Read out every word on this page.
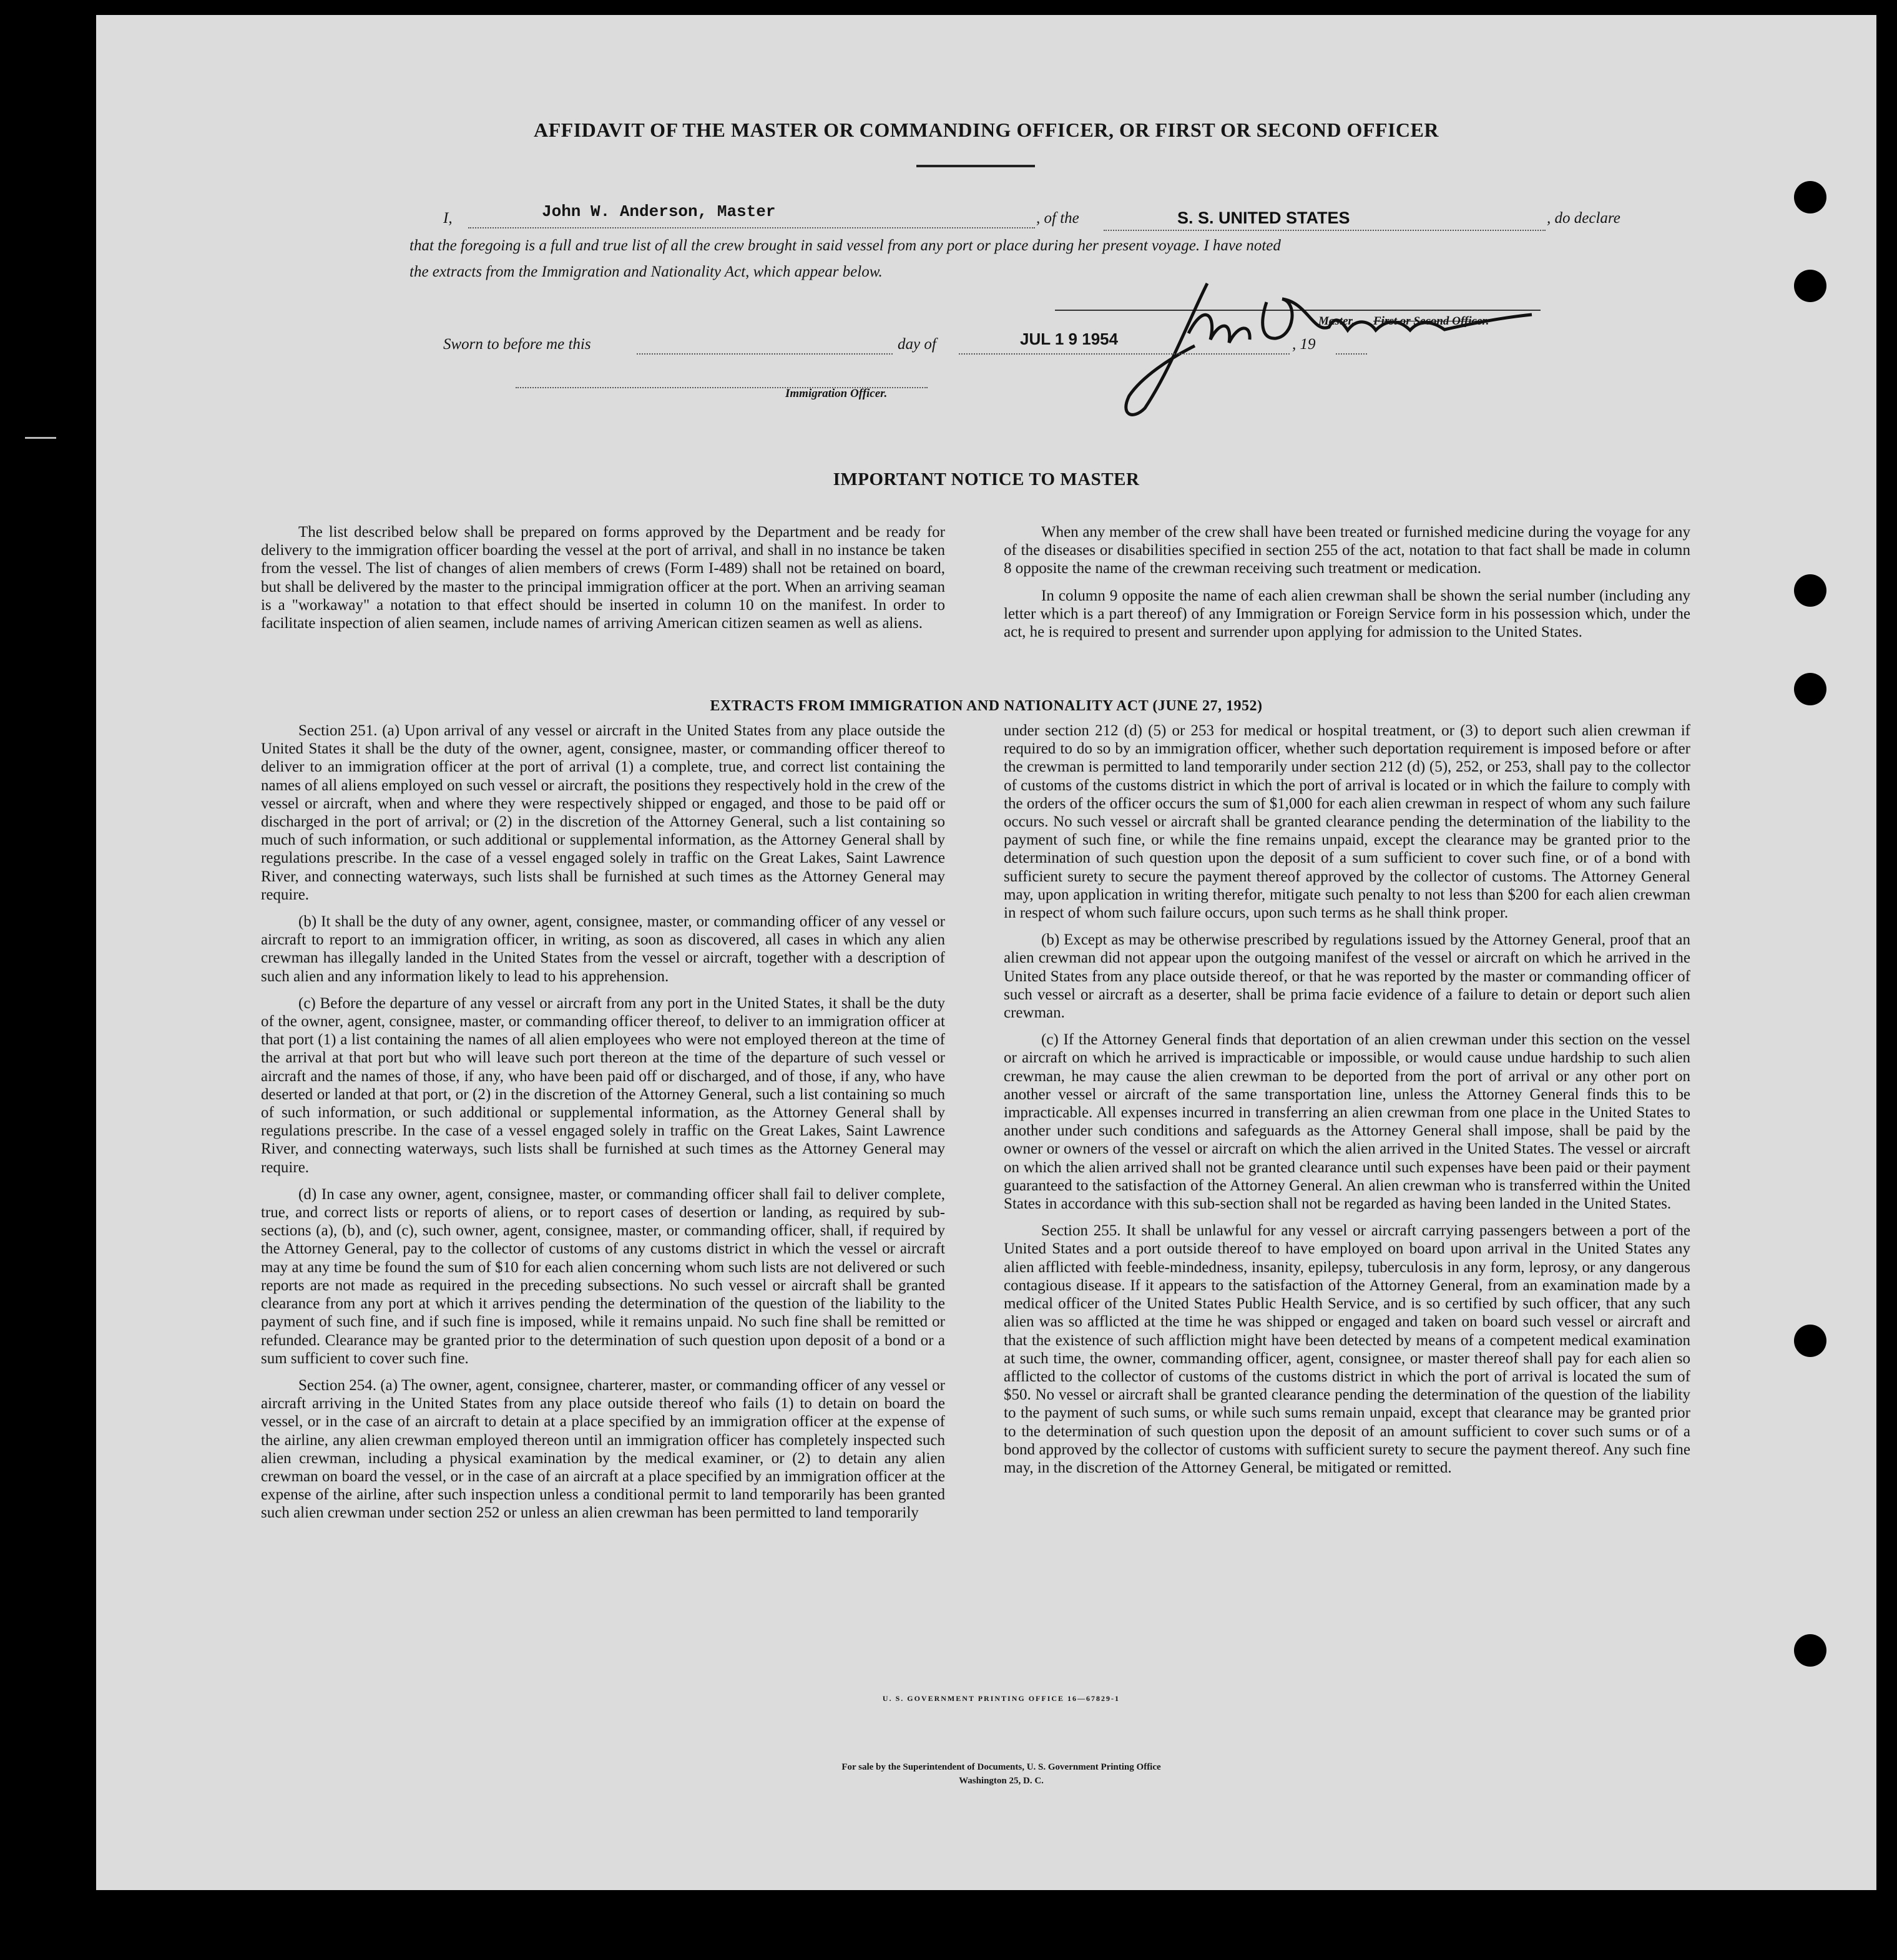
AFFIDAVIT OF THE MASTER OR COMMANDING OFFICER, OR FIRST OR SECOND OFFICER
I,	John W. Anderson, Master	, of the	S. S. UNITED STATES	, do declare
that the foregoing is a full and true list of all the crew brought in said vessel from any port or place during her present voyage. I have noted
the extracts from the Immigration and Nationality Act, which appear below.
Master, First or Second Officer.
Sworn to before me this	day of	JUL 1 9 1954	, 19
Immigration Officer.
IMPORTANT NOTICE TO MASTER

The list described below shall be prepared on forms approved by the Department and be ready for delivery to the immigration officer boarding the vessel at the port of arrival, and shall in no instance be taken from the vessel. The list of changes of alien members of crews (Form I-489) shall not be retained on board, but shall be delivered by the master to the principal immigration officer at the port. When an arriving seaman is a "workaway" a notation to that effect should be inserted in column 10 on the manifest. In order to facilitate inspection of alien seamen, include names of arriving American citizen seamen as well as aliens.

When any member of the crew shall have been treated or furnished medicine during the voyage for any of the diseases or disabilities specified in section 255 of the act, notation to that fact shall be made in column 8 opposite the name of the crewman receiving such treatment or medication.

In column 9 opposite the name of each alien crewman shall be shown the serial number (including any letter which is a part thereof) of any Immigration or Foreign Service form in his possession which, under the act, he is required to present and surrender upon applying for admission to the United States.

EXTRACTS FROM IMMIGRATION AND NATIONALITY ACT (JUNE 27, 1952)

Section 251. (a) Upon arrival of any vessel or aircraft in the United States from any place outside the United States it shall be the duty of the owner, agent, consignee, master, or commanding officer thereof to deliver to an immigration officer at the port of arrival (1) a complete, true, and correct list containing the names of all aliens employed on such vessel or aircraft, the positions they respectively hold in the crew of the vessel or aircraft, when and where they were respectively shipped or engaged, and those to be paid off or discharged in the port of arrival; or (2) in the discretion of the Attorney General, such a list containing so much of such information, or such additional or supplemental information, as the Attorney General shall by regulations prescribe. In the case of a vessel engaged solely in traffic on the Great Lakes, Saint Lawrence River, and connecting waterways, such lists shall be furnished at such times as the Attorney General may require.

(b) It shall be the duty of any owner, agent, consignee, master, or commanding officer of any vessel or aircraft to report to an immigration officer, in writing, as soon as discovered, all cases in which any alien crewman has illegally landed in the United States from the vessel or aircraft, together with a description of such alien and any information likely to lead to his apprehension.

(c) Before the departure of any vessel or aircraft from any port in the United States, it shall be the duty of the owner, agent, consignee, master, or commanding officer thereof, to deliver to an immigration officer at that port (1) a list containing the names of all alien employees who were not employed thereon at the time of the arrival at that port but who will leave such port thereon at the time of the departure of such vessel or aircraft and the names of those, if any, who have been paid off or discharged, and of those, if any, who have deserted or landed at that port, or (2) in the discretion of the Attorney General, such a list containing so much of such information, or such additional or supplemental information, as the Attorney General shall by regulations prescribe. In the case of a vessel engaged solely in traffic on the Great Lakes, Saint Lawrence River, and connecting waterways, such lists shall be furnished at such times as the Attorney General may require.

(d) In case any owner, agent, consignee, master, or commanding officer shall fail to deliver complete, true, and correct lists or reports of aliens, or to report cases of desertion or landing, as required by sub-sections (a), (b), and (c), such owner, agent, consignee, master, or commanding officer, shall, if required by the Attorney General, pay to the collector of customs of any customs district in which the vessel or aircraft may at any time be found the sum of $10 for each alien concerning whom such lists are not delivered or such reports are not made as required in the preceding subsections. No such vessel or aircraft shall be granted clearance from any port at which it arrives pending the determination of the question of the liability to the payment of such fine, and if such fine is imposed, while it remains unpaid. No such fine shall be remitted or refunded. Clearance may be granted prior to the determination of such question upon deposit of a bond or a sum sufficient to cover such fine.

Section 254. (a) The owner, agent, consignee, charterer, master, or commanding officer of any vessel or aircraft arriving in the United States from any place outside thereof who fails (1) to detain on board the vessel, or in the case of an aircraft to detain at a place specified by an immigration officer at the expense of the airline, any alien crewman employed thereon until an immigration officer has completely inspected such alien crewman, including a physical examination by the medical examiner, or (2) to detain any alien crewman on board the vessel, or in the case of an aircraft at a place specified by an immigration officer at the expense of the airline, after such inspection unless a conditional permit to land temporarily has been granted such alien crewman under section 252 or unless an alien crewman has been permitted to land temporarily

under section 212 (d) (5) or 253 for medical or hospital treatment, or (3) to deport such alien crewman if required to do so by an immigration officer, whether such deportation requirement is imposed before or after the crewman is permitted to land temporarily under section 212 (d) (5), 252, or 253, shall pay to the collector of customs of the customs district in which the port of arrival is located or in which the failure to comply with the orders of the officer occurs the sum of $1,000 for each alien crewman in respect of whom any such failure occurs. No such vessel or aircraft shall be granted clearance pending the determination of the liability to the payment of such fine, or while the fine remains unpaid, except the clearance may be granted prior to the determination of such question upon the deposit of a sum sufficient to cover such fine, or of a bond with sufficient surety to secure the payment thereof approved by the collector of customs. The Attorney General may, upon application in writing therefor, mitigate such penalty to not less than $200 for each alien crewman in respect of whom such failure occurs, upon such terms as he shall think proper.

(b) Except as may be otherwise prescribed by regulations issued by the Attorney General, proof that an alien crewman did not appear upon the outgoing manifest of the vessel or aircraft on which he arrived in the United States from any place outside thereof, or that he was reported by the master or commanding officer of such vessel or aircraft as a deserter, shall be prima facie evidence of a failure to detain or deport such alien crewman.

(c) If the Attorney General finds that deportation of an alien crewman under this section on the vessel or aircraft on which he arrived is impracticable or impossible, or would cause undue hardship to such alien crewman, he may cause the alien crewman to be deported from the port of arrival or any other port on another vessel or aircraft of the same transportation line, unless the Attorney General finds this to be impracticable. All expenses incurred in transferring an alien crewman from one place in the United States to another under such conditions and safeguards as the Attorney General shall impose, shall be paid by the owner or owners of the vessel or aircraft on which the alien arrived in the United States. The vessel or aircraft on which the alien arrived shall not be granted clearance until such expenses have been paid or their payment guaranteed to the satisfaction of the Attorney General. An alien crewman who is transferred within the United States in accordance with this sub-section shall not be regarded as having been landed in the United States.

Section 255. It shall be unlawful for any vessel or aircraft carrying passengers between a port of the United States and a port outside thereof to have employed on board upon arrival in the United States any alien afflicted with feeble-mindedness, insanity, epilepsy, tuberculosis in any form, leprosy, or any dangerous contagious disease. If it appears to the satisfaction of the Attorney General, from an examination made by a medical officer of the United States Public Health Service, and is so certified by such officer, that any such alien was so afflicted at the time he was shipped or engaged and taken on board such vessel or aircraft and that the existence of such affliction might have been detected by means of a competent medical examination at such time, the owner, commanding officer, agent, consignee, or master thereof shall pay for each alien so afflicted to the collector of customs of the customs district in which the port of arrival is located the sum of $50. No vessel or aircraft shall be granted clearance pending the determination of the question of the liability to the payment of such sums, or while such sums remain unpaid, except that clearance may be granted prior to the determination of such question upon the deposit of an amount sufficient to cover such sums or of a bond approved by the collector of customs with sufficient surety to secure the payment thereof. Any such fine may, in the discretion of the Attorney General, be mitigated or remitted.

U. S. GOVERNMENT PRINTING OFFICE 16—67829-1
For sale by the Superintendent of Documents, U. S. Government Printing Office
Washington 25, D. C.
